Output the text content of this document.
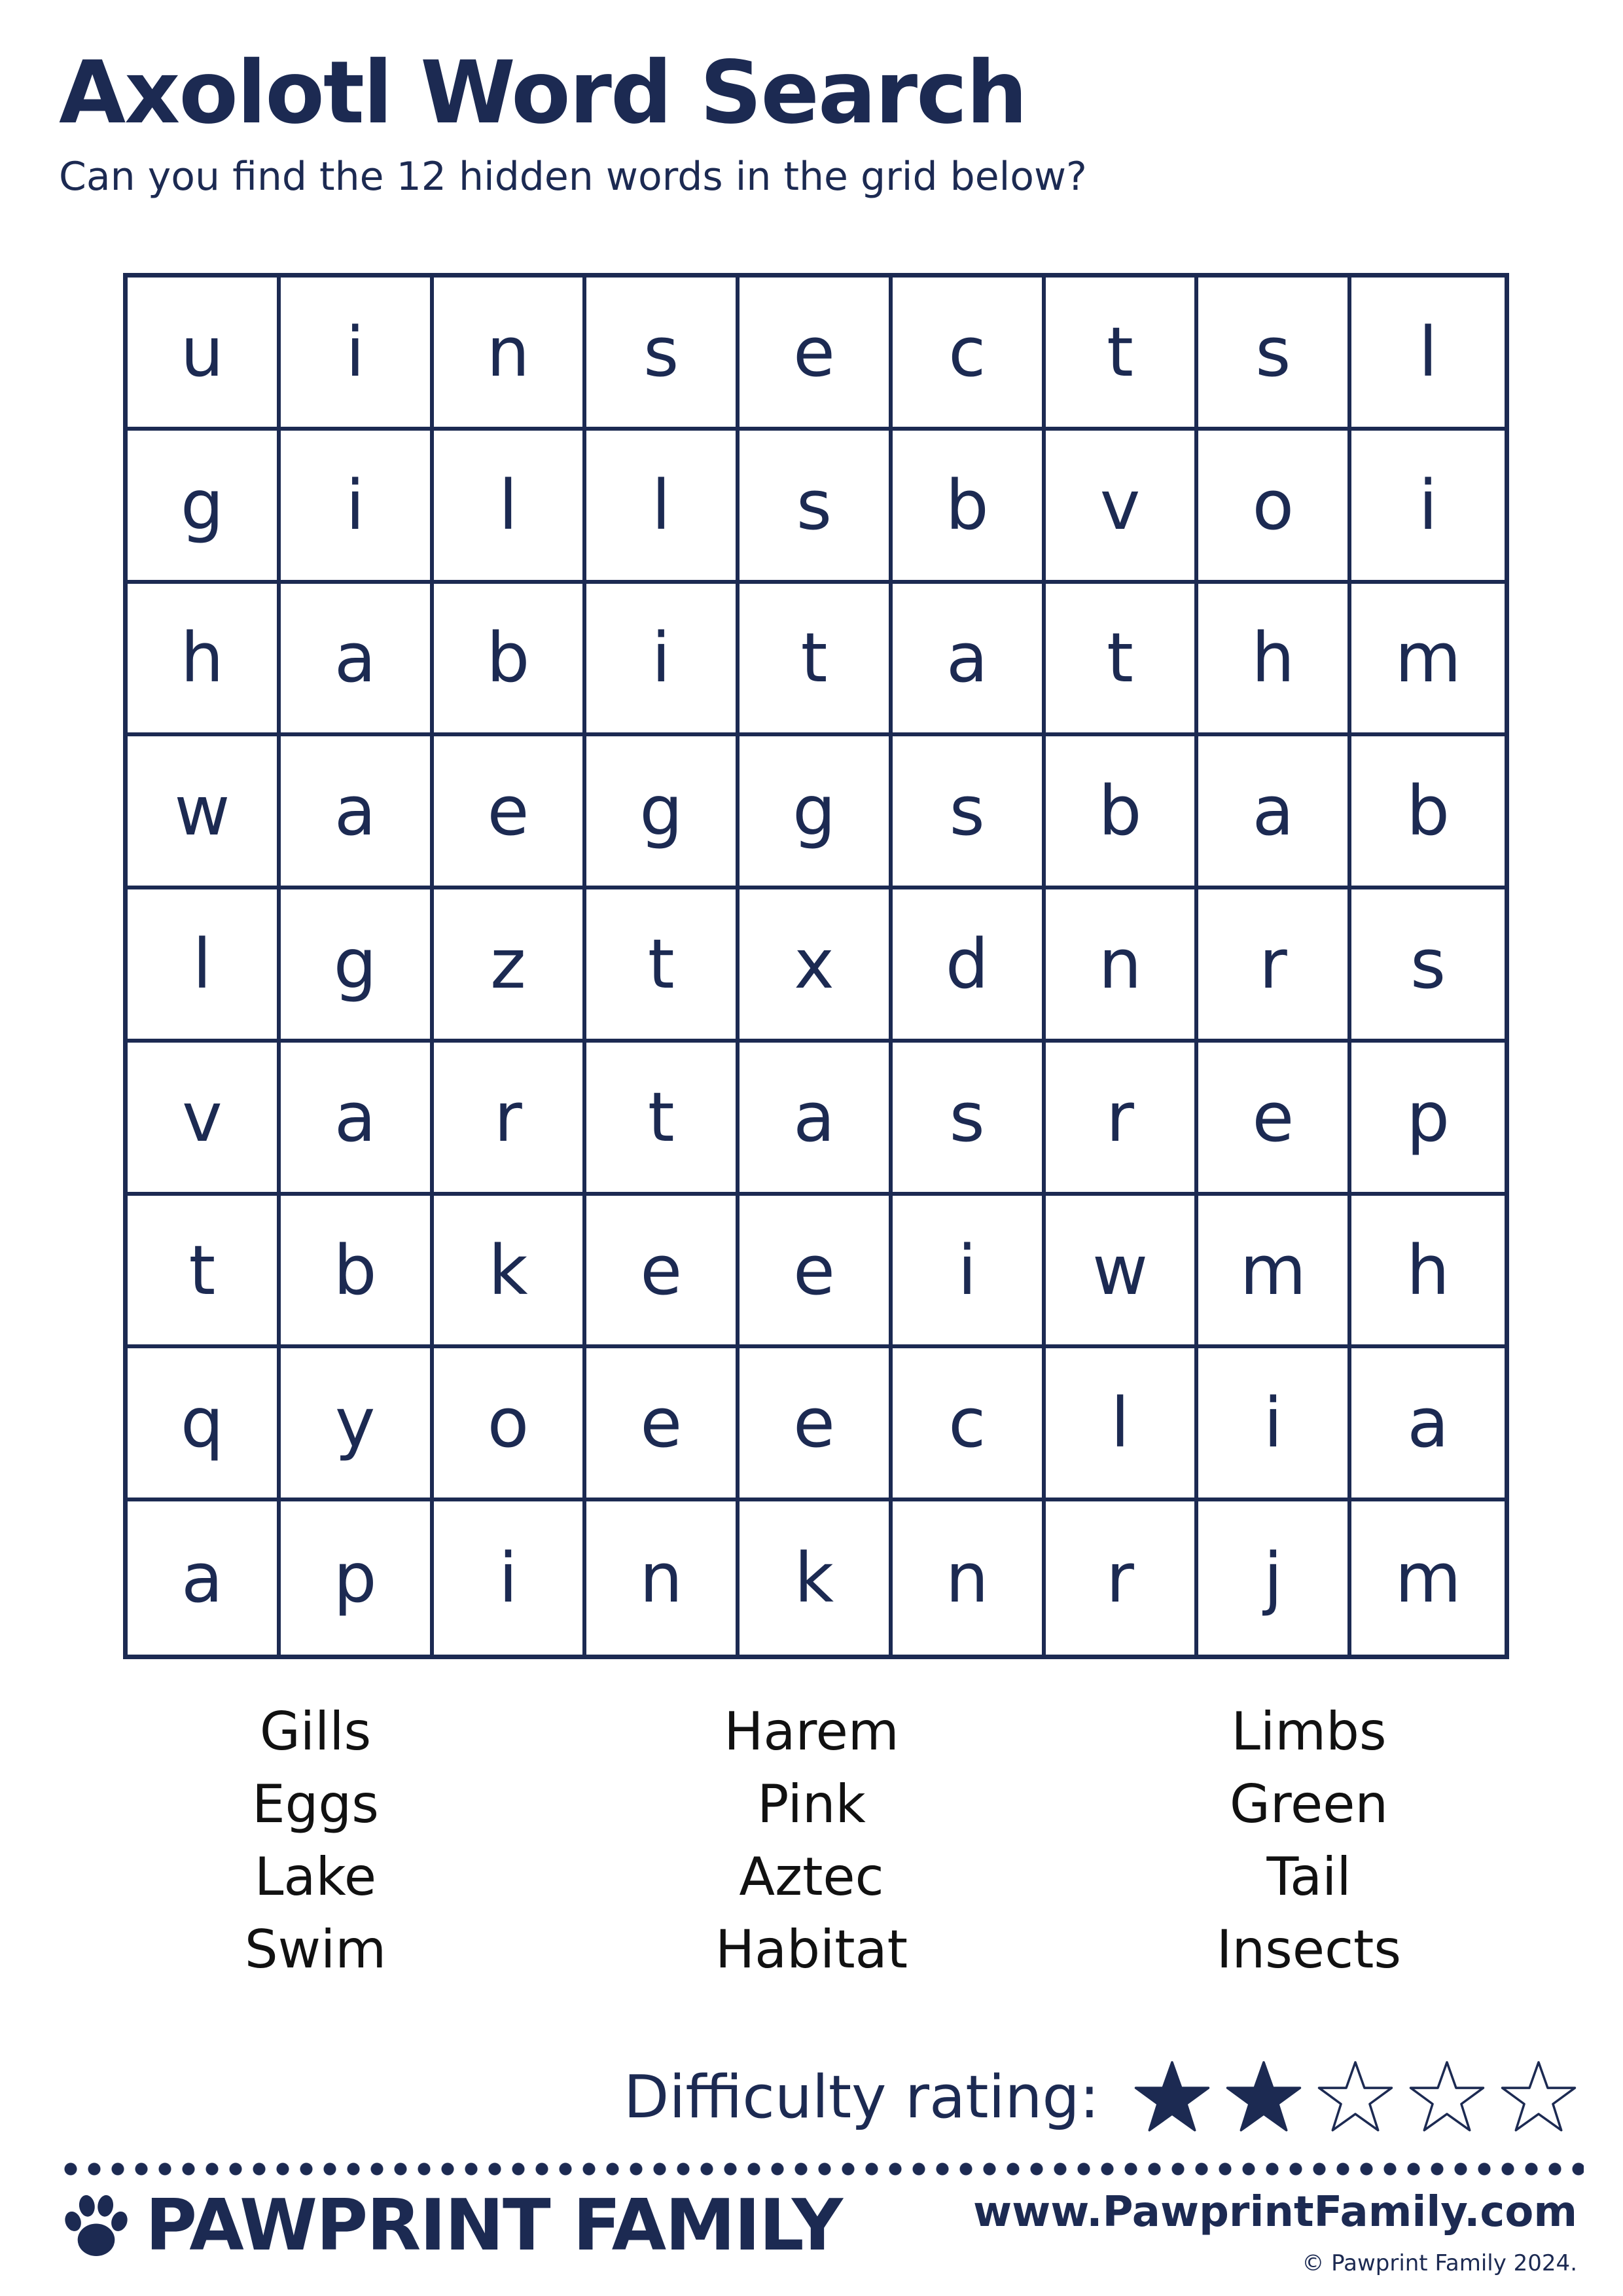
Axolotl Word Search

Can you find the 12 hidden words in the grid below?

u	i	n	s	e	c	t	s	l
g	i	l	l	s	b	v	o	i
h	a	b	i	t	a	t	h	m
w	a	e	g	g	s	b	a	b
l	g	z	t	x	d	n	r	s
v	a	r	t	a	s	r	e	p
t	b	k	e	e	i	w	m	h
q	y	o	e	e	c	l	i	a
a	p	i	n	k	n	r	j	m
Gills
Eggs
Lake
Swim
Harem
Pink
Aztec
Habitat
Limbs
Green
Tail
Insects
Difficulty rating:
PAWPRINT FAMILY	www.PawprintFamily.com
© Pawprint Family 2024.
